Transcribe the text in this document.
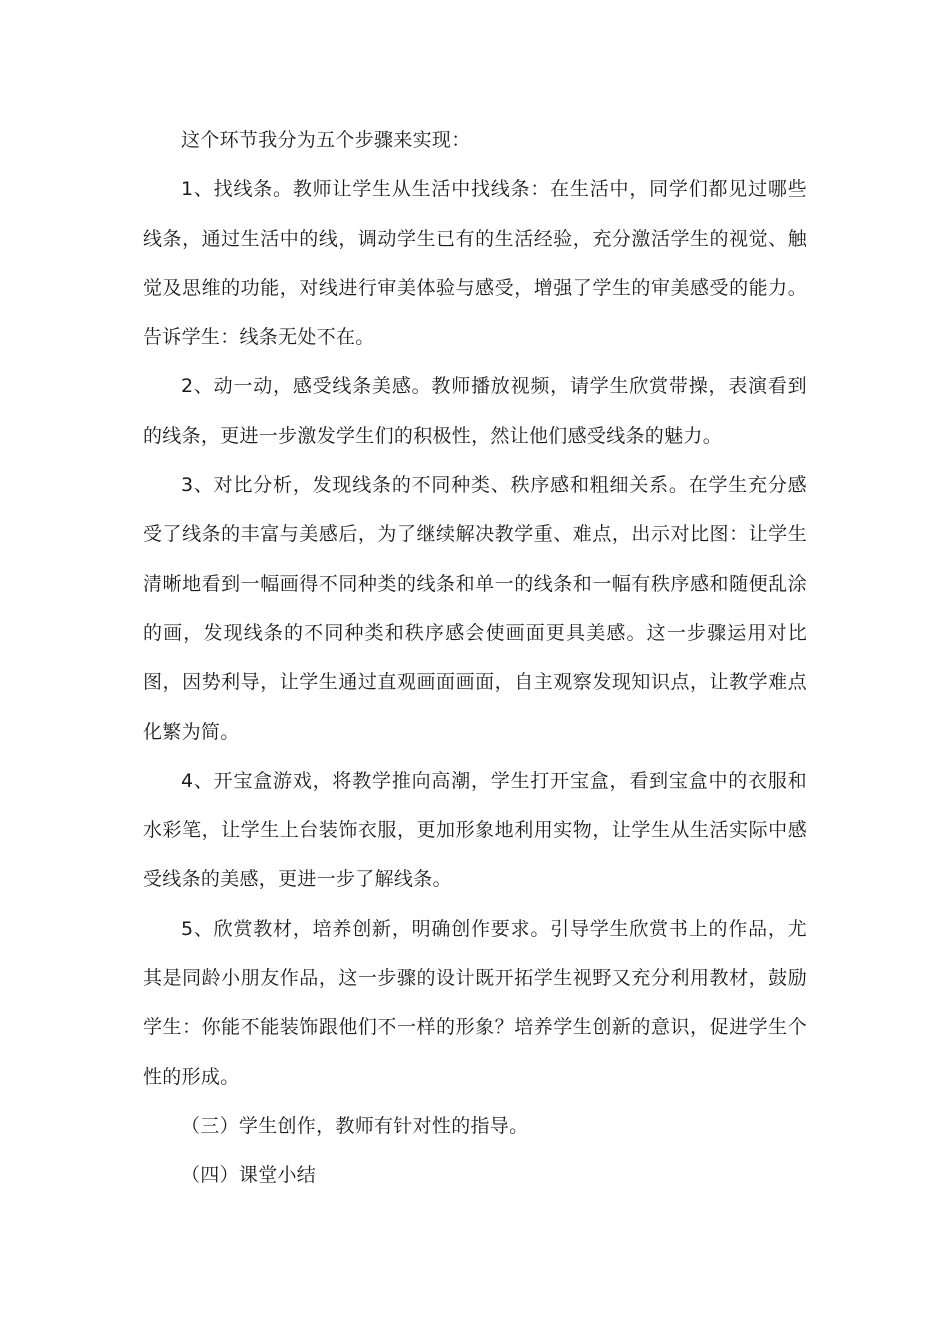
这个环节我分为五个步骤来实现：

1、找线条。教师让学生从生活中找线条：在生活中，同学们都见过哪些线条，通过生活中的线，调动学生已有的生活经验，充分激活学生的视觉、触觉及思维的功能，对线进行审美体验与感受，增强了学生的审美感受的能力。告诉学生：线条无处不在。

2、动一动，感受线条美感。教师播放视频，请学生欣赏带操，表演看到的线条，更进一步激发学生们的积极性，然让他们感受线条的魅力。

3、对比分析，发现线条的不同种类、秩序感和粗细关系。在学生充分感受了线条的丰富与美感后，为了继续解决教学重、难点，出示对比图：让学生清晰地看到一幅画得不同种类的线条和单一的线条和一幅有秩序感和随便乱涂的画，发现线条的不同种类和秩序感会使画面更具美感。这一步骤运用对比图，因势利导，让学生通过直观画面画面，自主观察发现知识点，让教学难点化繁为简。

4、开宝盒游戏，将教学推向高潮，学生打开宝盒，看到宝盒中的衣服和水彩笔，让学生上台装饰衣服，更加形象地利用实物，让学生从生活实际中感受线条的美感，更进一步了解线条。

5、欣赏教材，培养创新，明确创作要求。引导学生欣赏书上的作品，尤其是同龄小朋友作品，这一步骤的设计既开拓学生视野又充分利用教材，鼓励学生：你能不能装饰跟他们不一样的形象？培养学生创新的意识，促进学生个性的形成。

（三）学生创作，教师有针对性的指导。

（四）课堂小结
